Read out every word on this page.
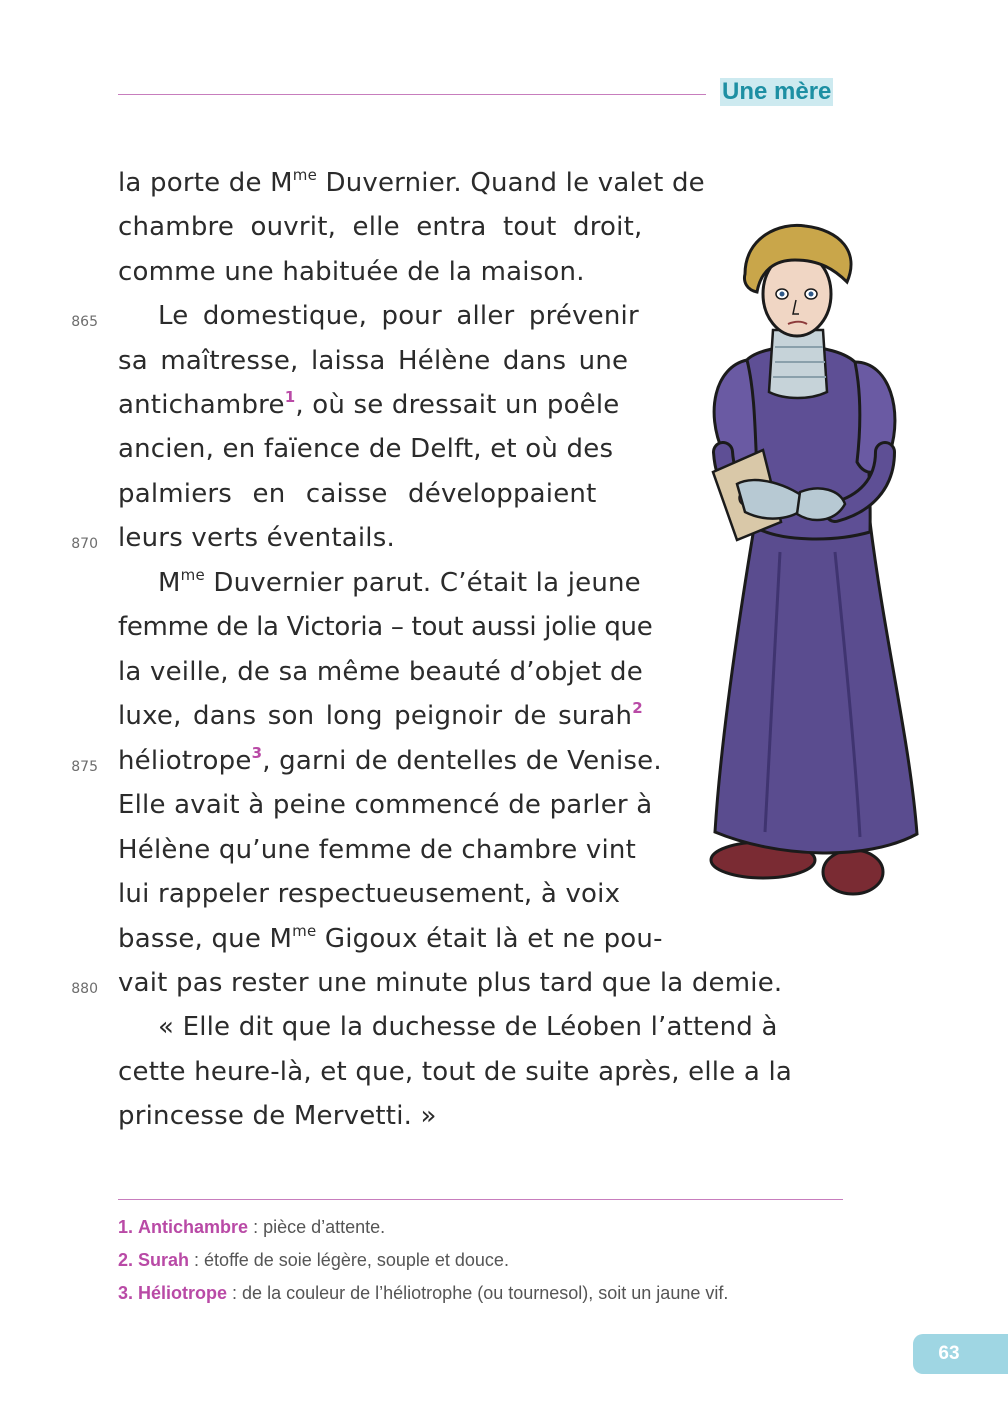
Une mère
la porte de $M^{me}$ Duvernier. Quand le valet de
chambre ouvrit, elle entra tout droit,
comme une habituée de la maison.
Le domestique, pour aller prévenir
sa maîtresse, laissa Hélène dans une
antichambre$^1$, où se dressait un poêle
ancien, en faïence de Delft, et où des
palmiers en caisse développaient
leurs verts éventails.
$M^{me}$ Duvernier parut. C’était la jeune
femme de la Victoria – tout aussi jolie que
la veille, de sa même beauté d’objet de
luxe, dans son long peignoir de surah$^2$
héliotrope$^3$, garni de dentelles de Venise.
Elle avait à peine commencé de parler à
Hélène qu’une femme de chambre vint
lui rappeler respectueusement, à voix
basse, que $M^{me}$ Gigoux était là et ne pou-
vait pas rester une minute plus tard que la demie.
« Elle dit que la duchesse de Léoben l’attend à
cette heure-là, et que, tout de suite après, elle a la
princesse de Mervetti. »
865
870
875
880
1. Antichambre : pièce d’attente.
2. Surah : étoffe de soie légère, souple et douce.
3. Héliotrope : de la couleur de l’héliotrophe (ou tournesol), soit un jaune vif.
63
